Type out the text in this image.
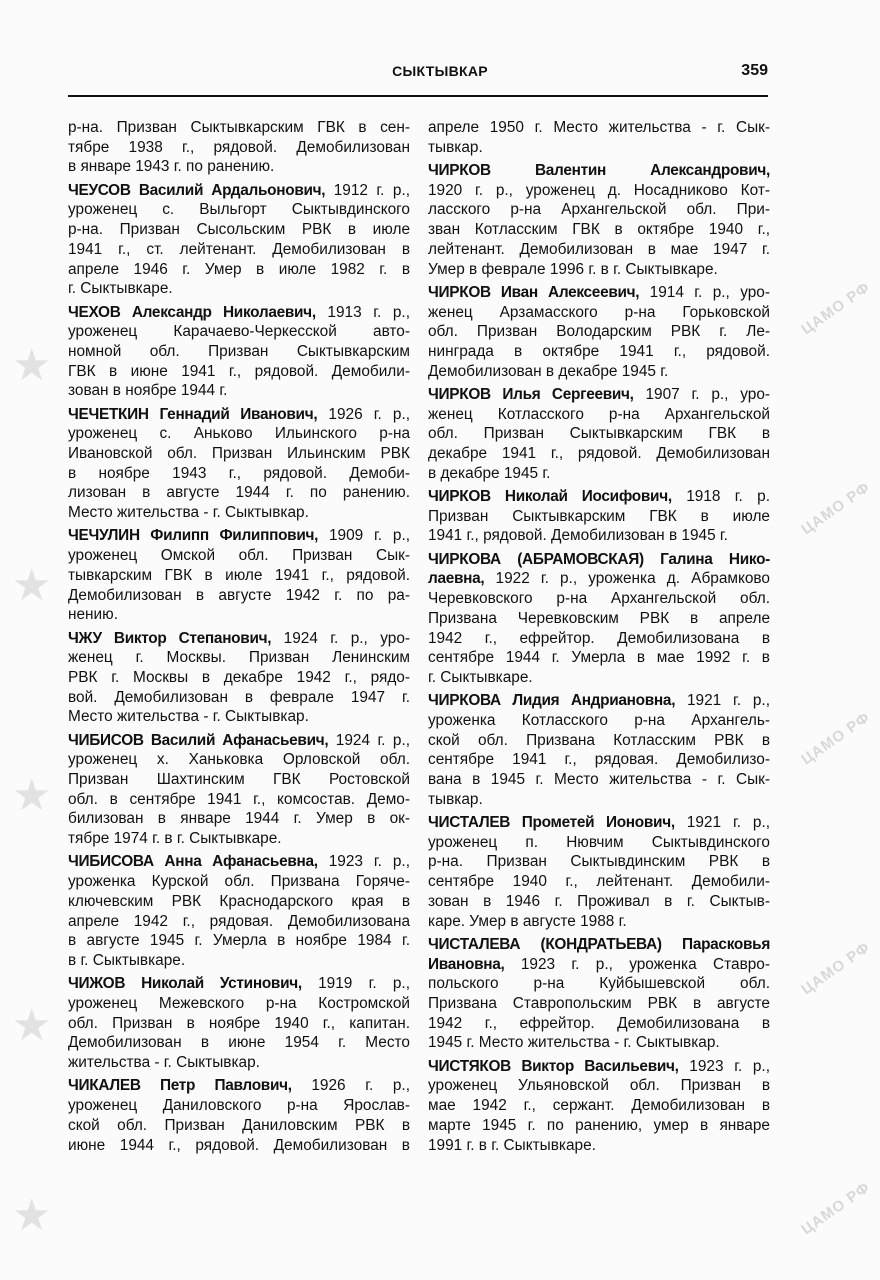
ЦАМО РФ
ЦАМО РФ
ЦАМО РФ
ЦАМО РФ
ЦАМО РФ
★
★
★
★
★
СЫКТЫВКАР	359
р-на. Призван Сыктывкарским ГВК в сен-
тябре 1938 г., рядовой. Демобилизован
в январе 1943 г. по ранению.
ЧЕУСОВ Василий Ардальонович, 1912 г. р.,
уроженец с. Выльгорт Сыктывдинского
р-на. Призван Сысольским РВК в июле
1941 г., ст. лейтенант. Демобилизован в
апреле 1946 г. Умер в июле 1982 г. в
г. Сыктывкаре.
ЧЕХОВ Александр Николаевич, 1913 г. р.,
уроженец Карачаево-Черкесской авто-
номной обл. Призван Сыктывкарским
ГВК в июне 1941 г., рядовой. Демобили-
зован в ноябре 1944 г.
ЧЕЧЕТКИН Геннадий Иванович, 1926 г. р.,
уроженец с. Аньково Ильинского р-на
Ивановской обл. Призван Ильинским РВК
в ноябре 1943 г., рядовой. Демоби-
лизован в августе 1944 г. по ранению.
Место жительства - г. Сыктывкар.
ЧЕЧУЛИН Филипп Филиппович, 1909 г. р.,
уроженец Омской обл. Призван Сык-
тывкарским ГВК в июле 1941 г., рядовой.
Демобилизован в августе 1942 г. по ра-
нению.
ЧЖУ Виктор Степанович, 1924 г. р., уро-
женец г. Москвы. Призван Ленинским
РВК г. Москвы в декабре 1942 г., рядо-
вой. Демобилизован в феврале 1947 г.
Место жительства - г. Сыктывкар.
ЧИБИСОВ Василий Афанасьевич, 1924 г. р.,
уроженец х. Ханьковка Орловской обл.
Призван Шахтинским ГВК Ростовской
обл. в сентябре 1941 г., комсостав. Демо-
билизован в январе 1944 г. Умер в ок-
тябре 1974 г. в г. Сыктывкаре.
ЧИБИСОВА Анна Афанасьевна, 1923 г. р.,
уроженка Курской обл. Призвана Горяче-
ключевским РВК Краснодарского края в
апреле 1942 г., рядовая. Демобилизована
в августе 1945 г. Умерла в ноябре 1984 г.
в г. Сыктывкаре.
ЧИЖОВ Николай Устинович, 1919 г. р.,
уроженец Межевского р-на Костромской
обл. Призван в ноябре 1940 г., капитан.
Демобилизован в июне 1954 г. Место
жительства - г. Сыктывкар.
ЧИКАЛЕВ Петр Павлович, 1926 г. р.,
уроженец Даниловского р-на Ярослав-
ской обл. Призван Даниловским РВК в
июне 1944 г., рядовой. Демобилизован в
апреле 1950 г. Место жительства - г. Сык-
тывкар.
ЧИРКОВ Валентин Александрович,
1920 г. р., уроженец д. Носадниково Кот-
ласского р-на Архангельской обл. При-
зван Котласским ГВК в октябре 1940 г.,
лейтенант. Демобилизован в мае 1947 г.
Умер в феврале 1996 г. в г. Сыктывкаре.
ЧИРКОВ Иван Алексеевич, 1914 г. р., уро-
женец Арзамасского р-на Горьковской
обл. Призван Володарским РВК г. Ле-
нинграда в октябре 1941 г., рядовой.
Демобилизован в декабре 1945 г.
ЧИРКОВ Илья Сергеевич, 1907 г. р., уро-
женец Котласского р-на Архангельской
обл. Призван Сыктывкарским ГВК в
декабре 1941 г., рядовой. Демобилизован
в декабре 1945 г.
ЧИРКОВ Николай Иосифович, 1918 г. р.
Призван Сыктывкарским ГВК в июле
1941 г., рядовой. Демобилизован в 1945 г.
ЧИРКОВА (АБРАМОВСКАЯ) Галина Нико-
лаевна, 1922 г. р., уроженка д. Абрамково
Черевковского р-на Архангельской обл.
Призвана Черевковским РВК в апреле
1942 г., ефрейтор. Демобилизована в
сентябре 1944 г. Умерла в мае 1992 г. в
г. Сыктывкаре.
ЧИРКОВА Лидия Андриановна, 1921 г. р.,
уроженка Котласского р-на Архангель-
ской обл. Призвана Котласским РВК в
сентябре 1941 г., рядовая. Демобилизо-
вана в 1945 г. Место жительства - г. Сык-
тывкар.
ЧИСТАЛЕВ Прометей Ионович, 1921 г. р.,
уроженец п. Нювчим Сыктывдинского
р-на. Призван Сыктывдинским РВК в
сентябре 1940 г., лейтенант. Демобили-
зован в 1946 г. Проживал в г. Сыктыв-
каре. Умер в августе 1988 г.
ЧИСТАЛЕВА (КОНДРАТЬЕВА) Парасковья
Ивановна, 1923 г. р., уроженка Ставро-
польского р-на Куйбышевской обл.
Призвана Ставропольским РВК в августе
1942 г., ефрейтор. Демобилизована в
1945 г. Место жительства - г. Сыктывкар.
ЧИСТЯКОВ Виктор Васильевич, 1923 г. р.,
уроженец Ульяновской обл. Призван в
мае 1942 г., сержант. Демобилизован в
марте 1945 г. по ранению, умер в январе
1991 г. в г. Сыктывкаре.
